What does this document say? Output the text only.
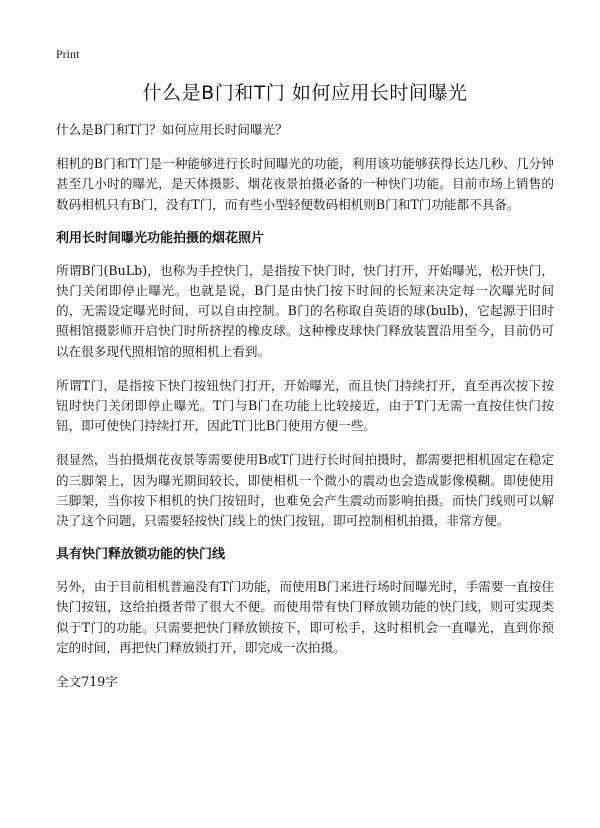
Print
什么是B门和T门 如何应用长时间曝光

什么是B门和T门？如何应用长时间曝光？

相机的B门和T门是一种能够进行长时间曝光的功能，利用该功能够获得长达几秒、几分钟甚至几小时的曝光，是天体摄影、烟花夜景拍摄必备的一种快门功能。目前市场上销售的数码相机只有B门，没有T门，而有些小型轻便数码相机则B门和T门功能都不具备。

利用长时间曝光功能拍摄的烟花照片

所谓B门(BuLb)，也称为手控快门，是指按下快门时，快门打开，开始曝光，松开快门，快门关闭即停止曝光。也就是说，B门是由快门按下时间的长短来决定每一次曝光时间的，无需设定曝光时间，可以自由控制。B门的名称取自英语的球(bulb)，它起源于旧时照相馆摄影师开启快门时所挤捏的橡皮球。这种橡皮球快门释放装置沿用至今，目前仍可以在很多现代照相馆的照相机上看到。

所谓T门，是指按下快门按钮快门打开，开始曝光，而且快门持续打开，直至再次按下按钮时快门关闭即停止曝光。T门与B门在功能上比较接近，由于T门无需一直按住快门按钮，即可使快门持续打开，因此T门比B门使用方便一些。

很显然，当拍摄烟花夜景等需要使用B或T门进行长时间拍摄时，都需要把相机固定在稳定的三脚架上，因为曝光期间较长，即使相机一个微小的震动也会造成影像模糊。即使使用三脚架，当你按下相机的快门按钮时，也难免会产生震动而影响拍摄。而快门线则可以解决了这个问题，只需要轻按快门线上的快门按钮，即可控制相机拍摄，非常方便。

具有快门释放锁功能的快门线

另外，由于目前相机普遍没有T门功能，而使用B门来进行场时间曝光时，手需要一直按住快门按钮，这给拍摄者带了很大不便。而使用带有快门释放锁功能的快门线，则可实现类似于T门的功能。只需要把快门释放锁按下，即可松手，这时相机会一直曝光，直到你预定的时间，再把快门释放锁打开，即完成一次拍摄。

全文719字
